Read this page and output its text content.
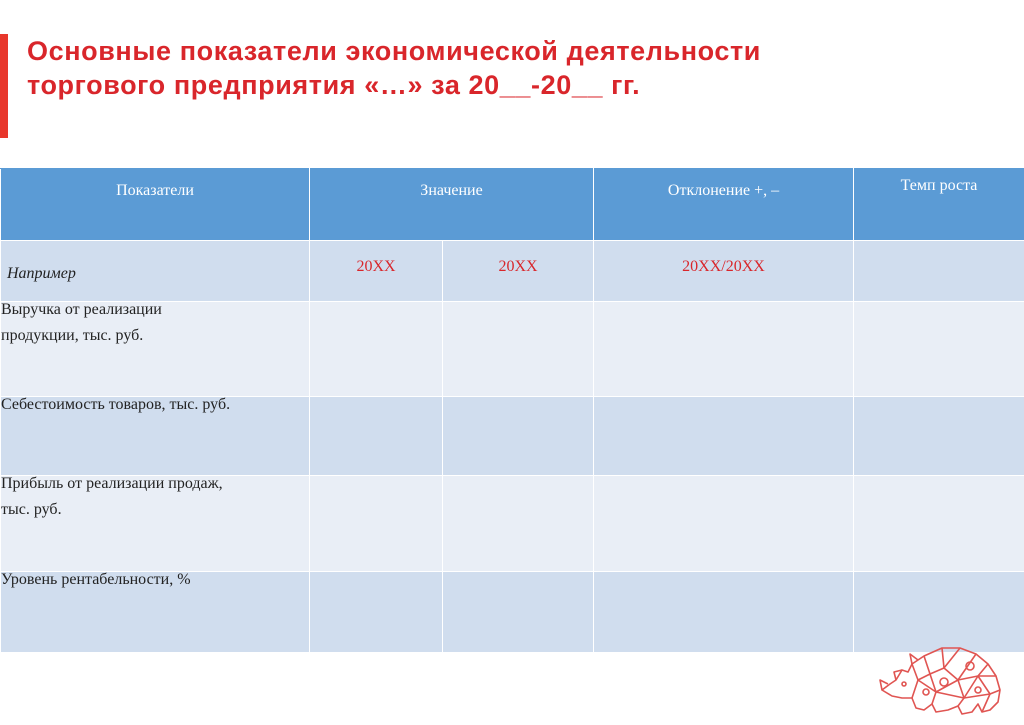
Основные показатели экономической деятельности
торгового предприятия «…» за 20__-20__ гг.
Показатели	Значение		Отклонение +, –	Темп роста
Например	20XX	20XX	20XX/20XX	

Выручка от реализации
продукции, тыс. руб.				

Себестоимость товаров, тыс. руб.				

Прибыль от реализации продаж,
тыс. руб.				

Уровень рентабельности, %				
